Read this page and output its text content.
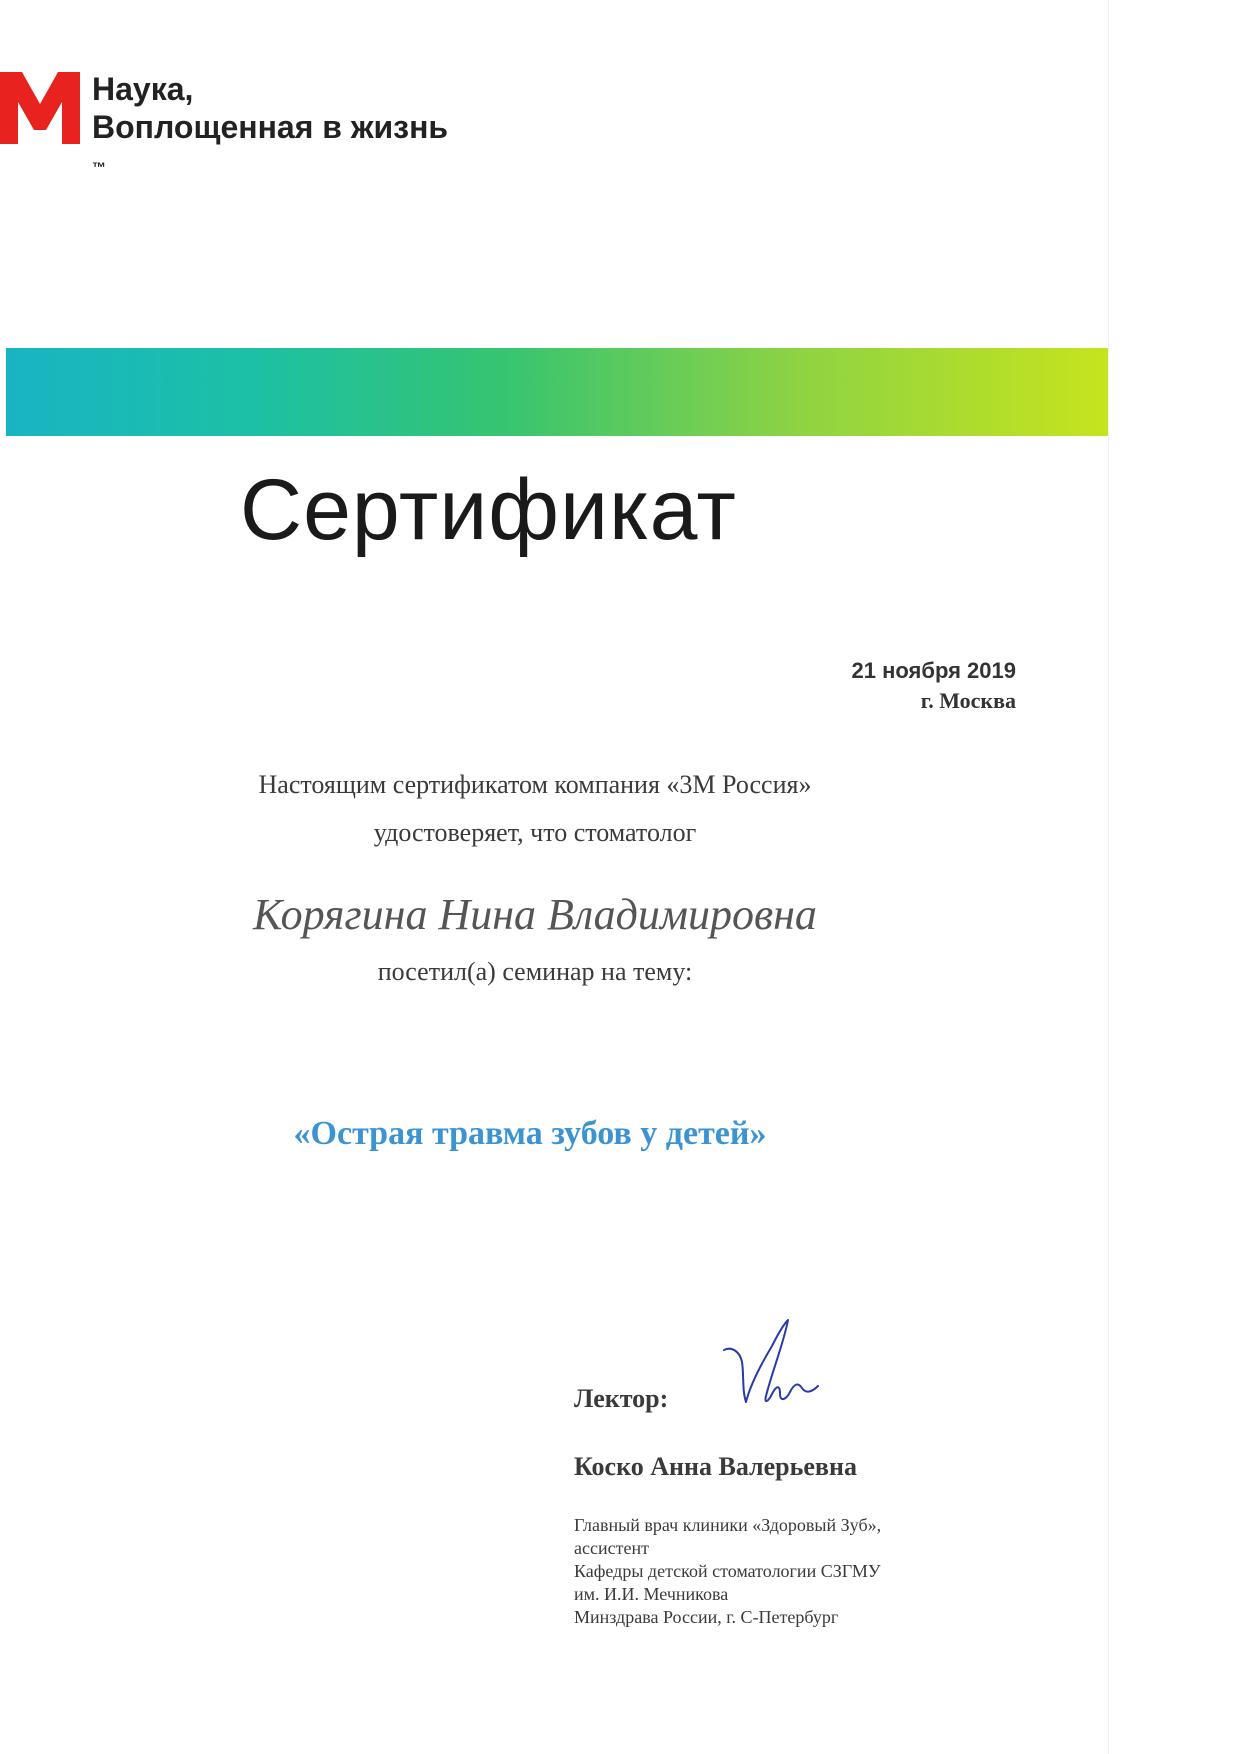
Наука,
Воплощенная в жизнь
™
Сертификат
21 ноября 2019
г. Москва
Настоящим сертификатом компания «3М Россия»
удостоверяет, что стоматолог
Корягина Нина Владимировна
посетил(а) семинар на тему:
«Острая травма зубов у детей»
Лектор:
Коско Анна Валерьевна
Главный врач клиники «Здоровый Зуб»,
ассистент
Кафедры детской стоматологии СЗГМУ
им. И.И. Мечникова
Минздрава России, г. С-Петербург
